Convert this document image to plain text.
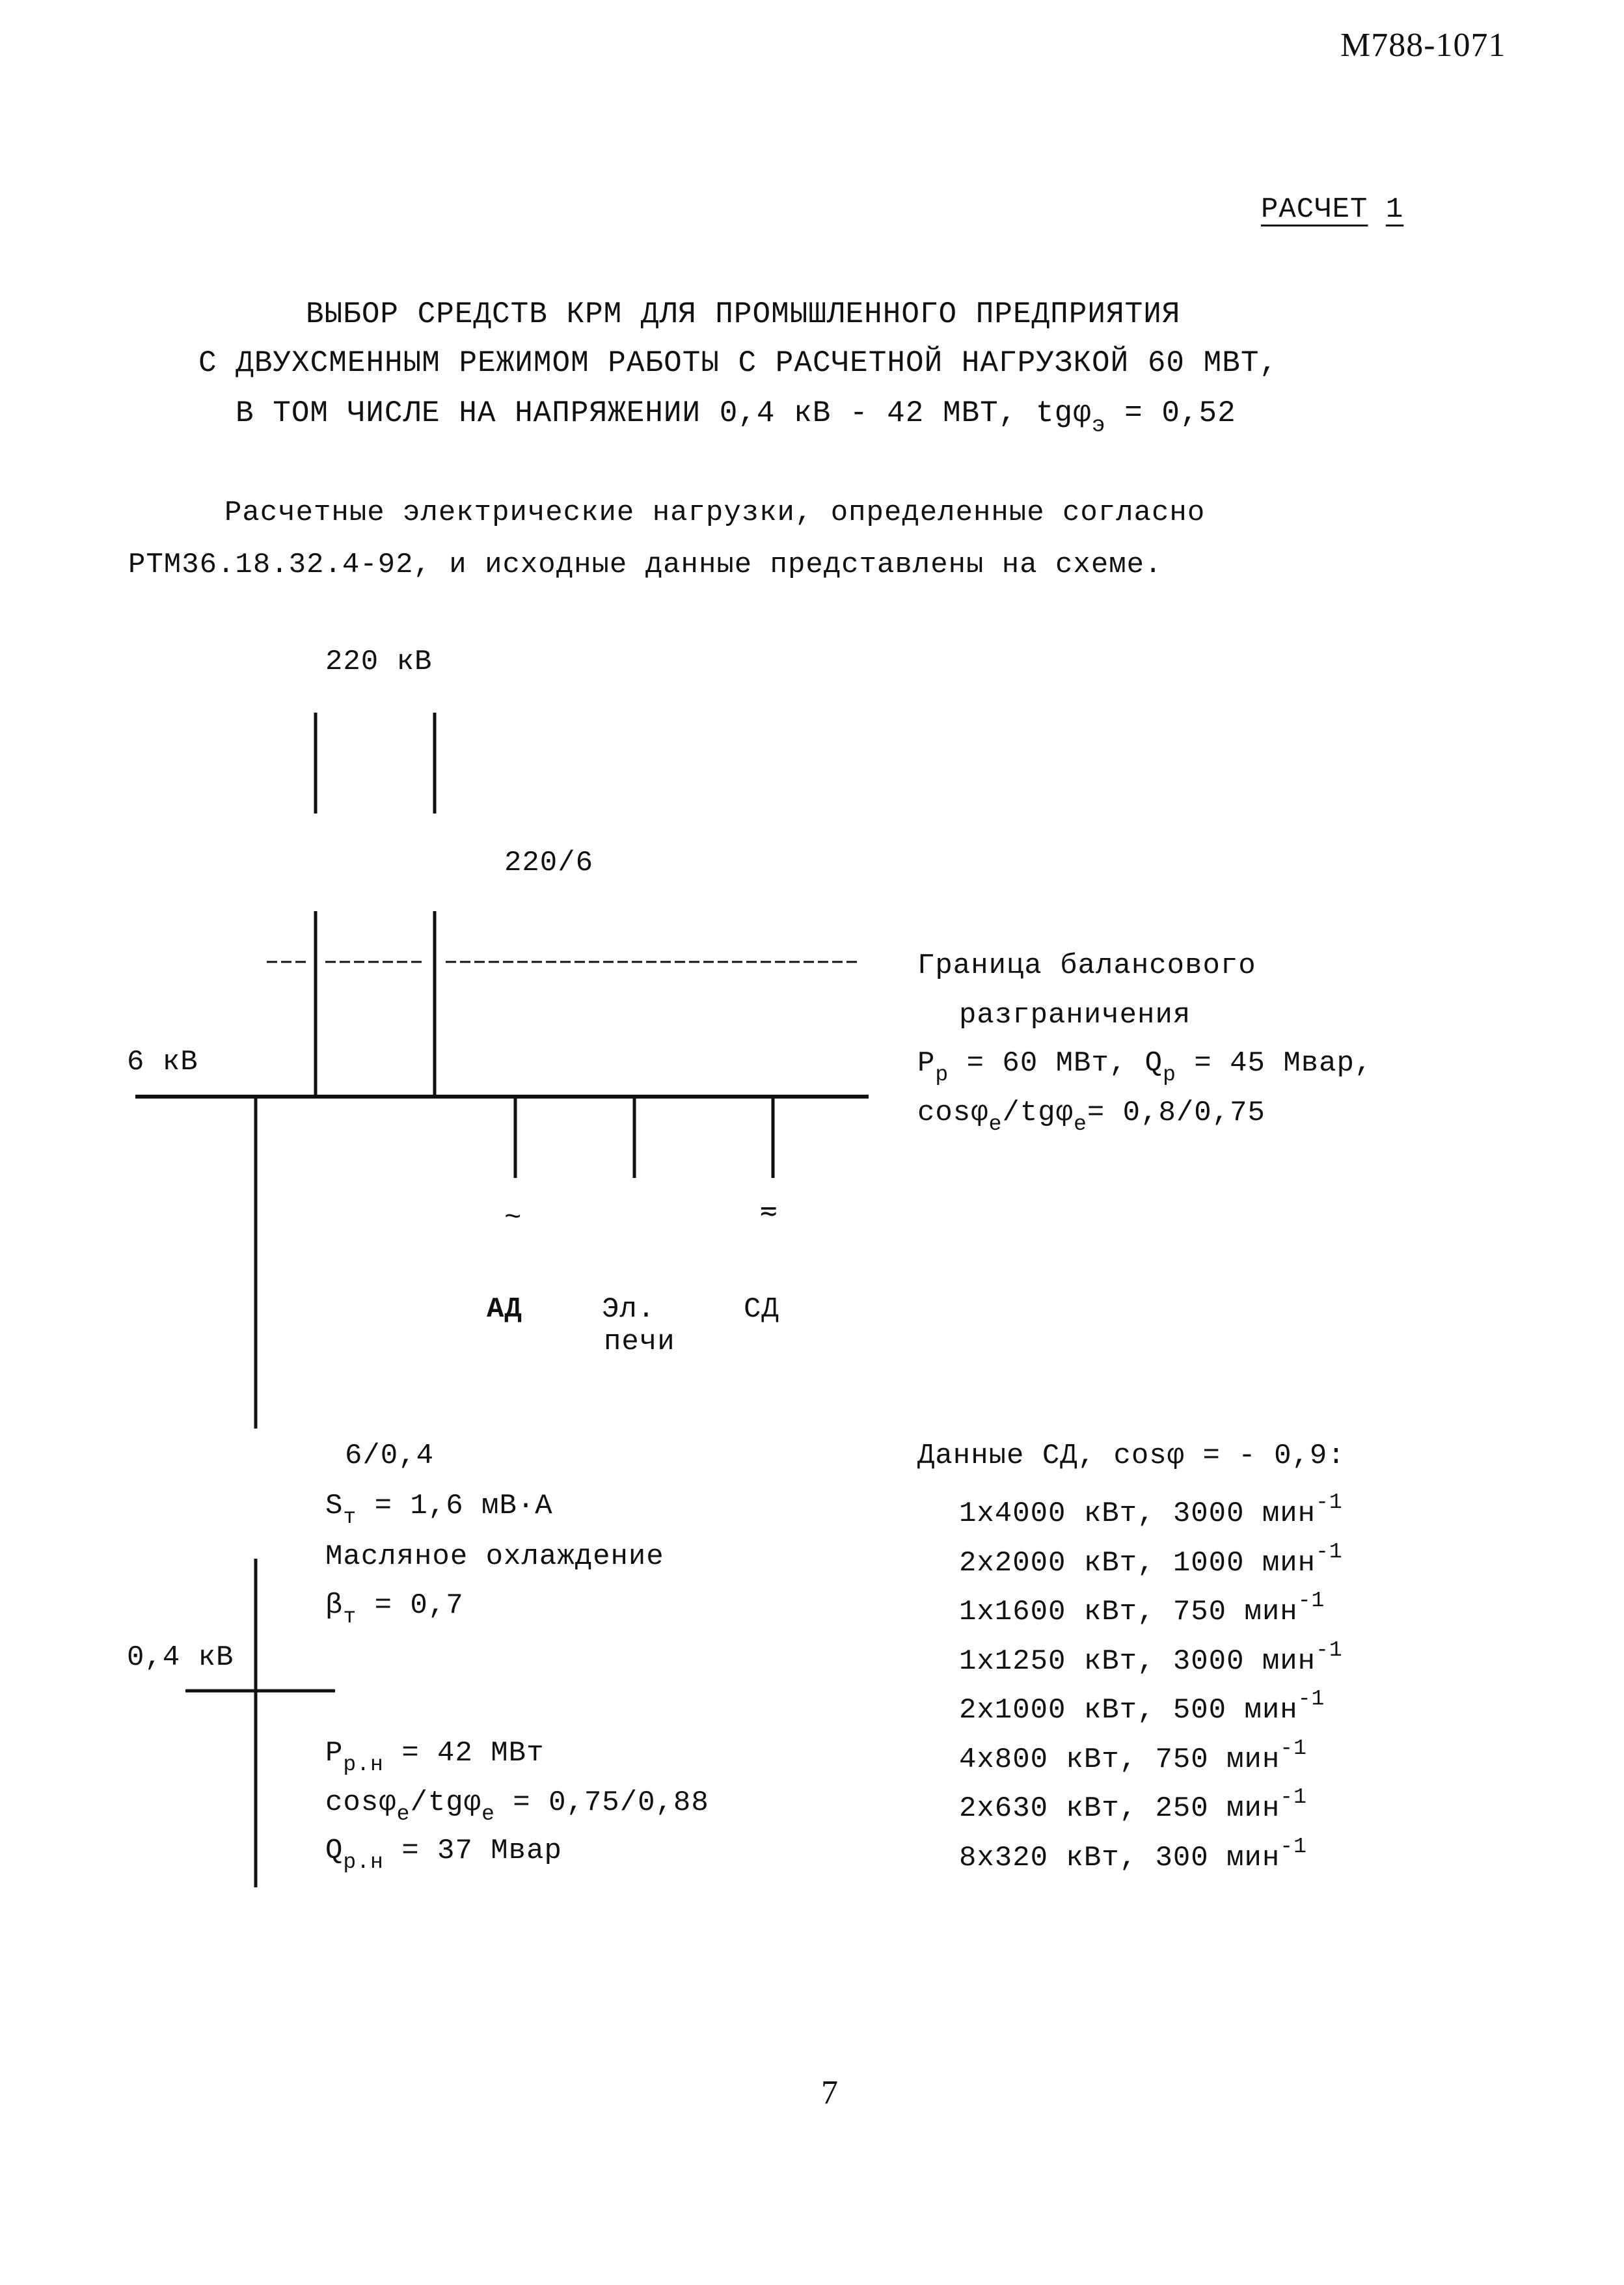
М788-1071
РАСЧЕТ 1
ВЫБОР СРЕДСТВ КРМ ДЛЯ ПРОМЫШЛЕННОГО ПРЕДПРИЯТИЯ
С ДВУХСМЕННЫМ РЕЖИМОМ РАБОТЫ С РАСЧЕТНОЙ НАГРУЗКОЙ 60 МВТ,
В ТОМ ЧИСЛЕ НА НАПРЯЖЕНИИ 0,4 кВ - 42 МВТ, tgφ$_э$ = 0,52
Расчетные электрические нагрузки, определенные согласно
РТМ36.18.32.4-92, и исходные данные представлены на схеме.
220 кВ
220/6
6 кВ
~	≂
АД	Эл.
печи
СД
6/0,4
0,4 кВ
Граница балансового
разграничения
$P_р = 60$ МВт, $Q_р = 45$ Мвар,
cosφ$_e$/tgφ$_e$= 0,8/0,75
$S_т = 1,6$ мВ·А
Масляное охлаждение
$\beta_т = 0,7$
$P_{р.н} = 42$ МВт
cosφ$_e$/tgφ$_e$ = 0,75/0,88
$Q_{р.н} = 37$ Мвар
Данные СД, cosφ = - 0,9:
1х4000 кВт, 3000 мин$^{-1}$
2х2000 кВт, 1000 мин$^{-1}$
1х1600 кВт, 750 мин$^{-1}$
1х1250 кВт, 3000 мин$^{-1}$
2х1000 кВт, 500 мин$^{-1}$
4х800 кВт, 750 мин$^{-1}$
2х630 кВт, 250 мин$^{-1}$
8х320 кВт, 300 мин$^{-1}$
7
